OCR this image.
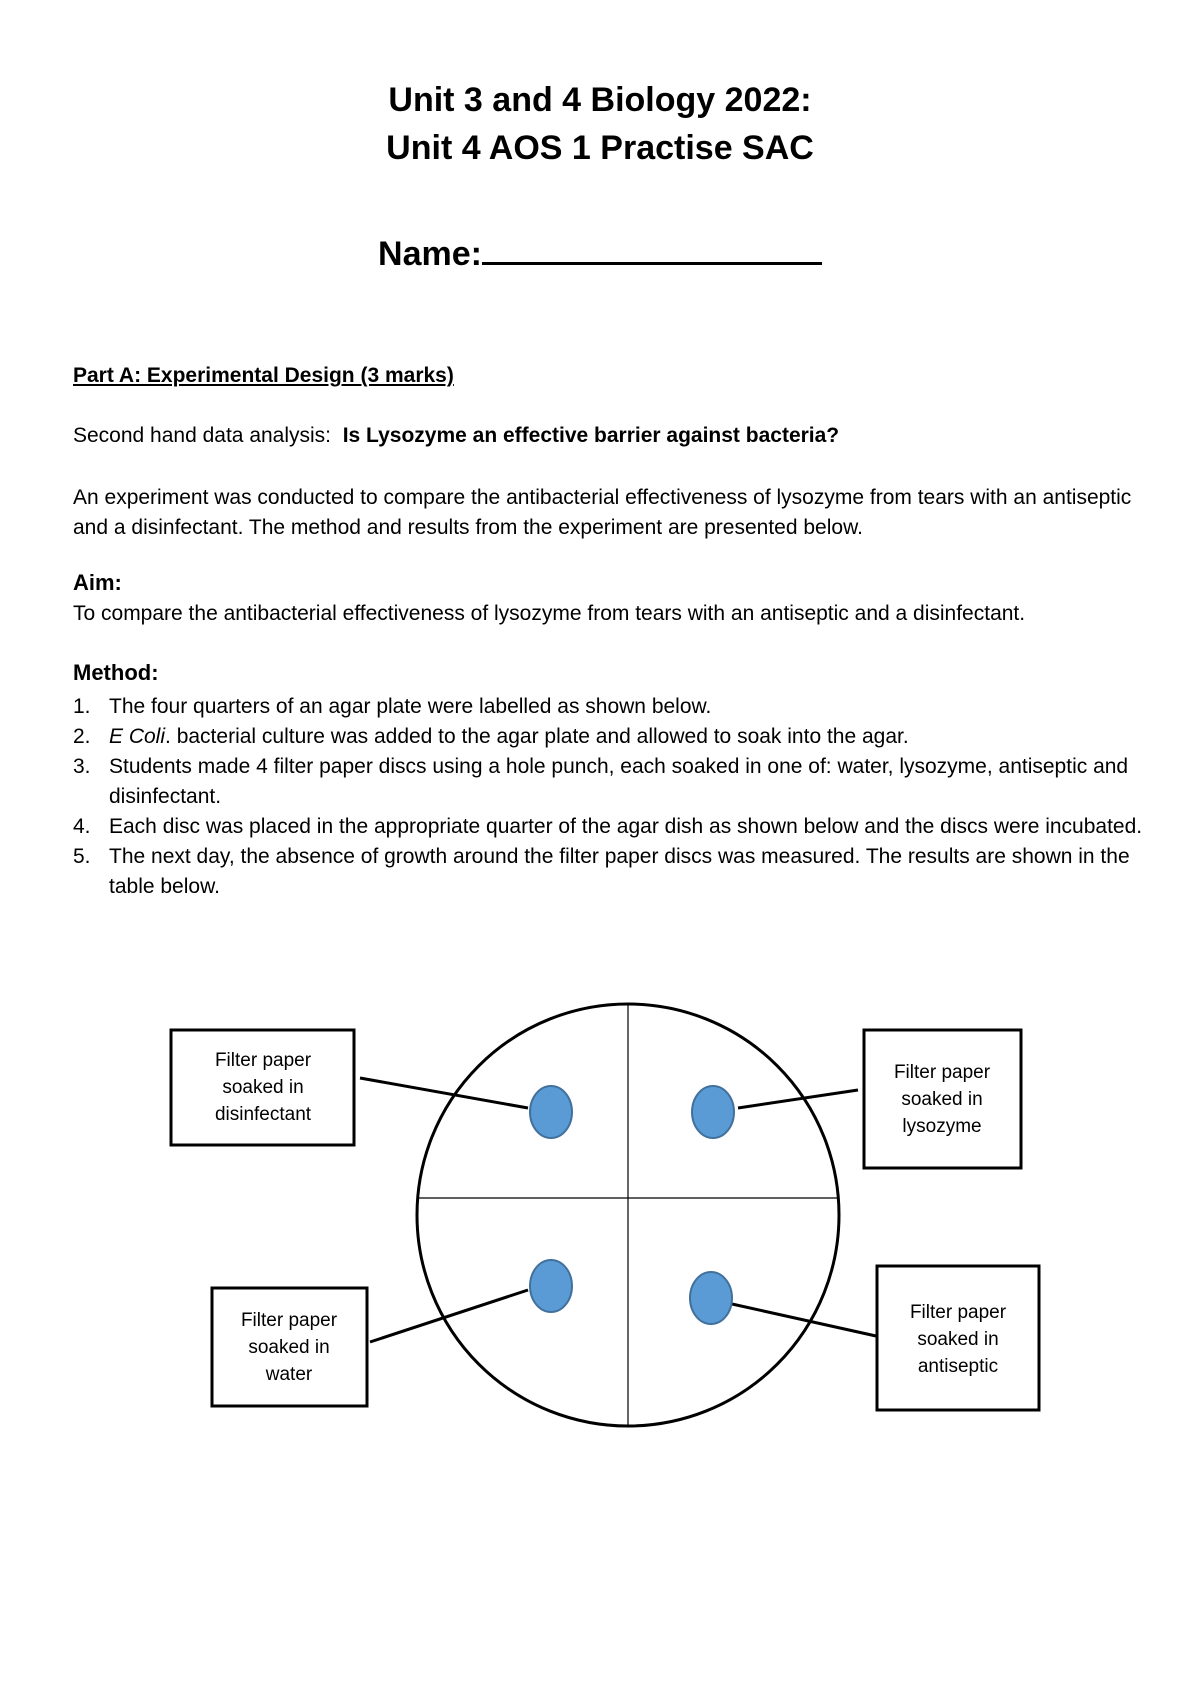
Unit 3 and 4 Biology 2022:
Unit 4 AOS 1 Practise SAC
Name:
Part A: Experimental Design (3 marks)
Second hand data analysis: Is Lysozyme an effective barrier against bacteria?
An experiment was conducted to compare the antibacterial effectiveness of lysozyme from tears with an antiseptic and a disinfectant. The method and results from the experiment are presented below.
Aim:
To compare the antibacterial effectiveness of lysozyme from tears with an antiseptic and a disinfectant.
Method:
1. The four quarters of an agar plate were labelled as shown below.
2. E Coli. bacterial culture was added to the agar plate and allowed to soak into the agar.
3. Students made 4 filter paper discs using a hole punch, each soaked in one of: water, lysozyme, antiseptic and disinfectant.
4. Each disc was placed in the appropriate quarter of the agar dish as shown below and the discs were incubated.
5. The next day, the absence of growth around the filter paper discs was measured. The results are shown in the table below.
Filter paper
soaked in
disinfectant
Filter paper
soaked in
lysozyme
Filter paper
soaked in
water
Filter paper
soaked in
antiseptic
